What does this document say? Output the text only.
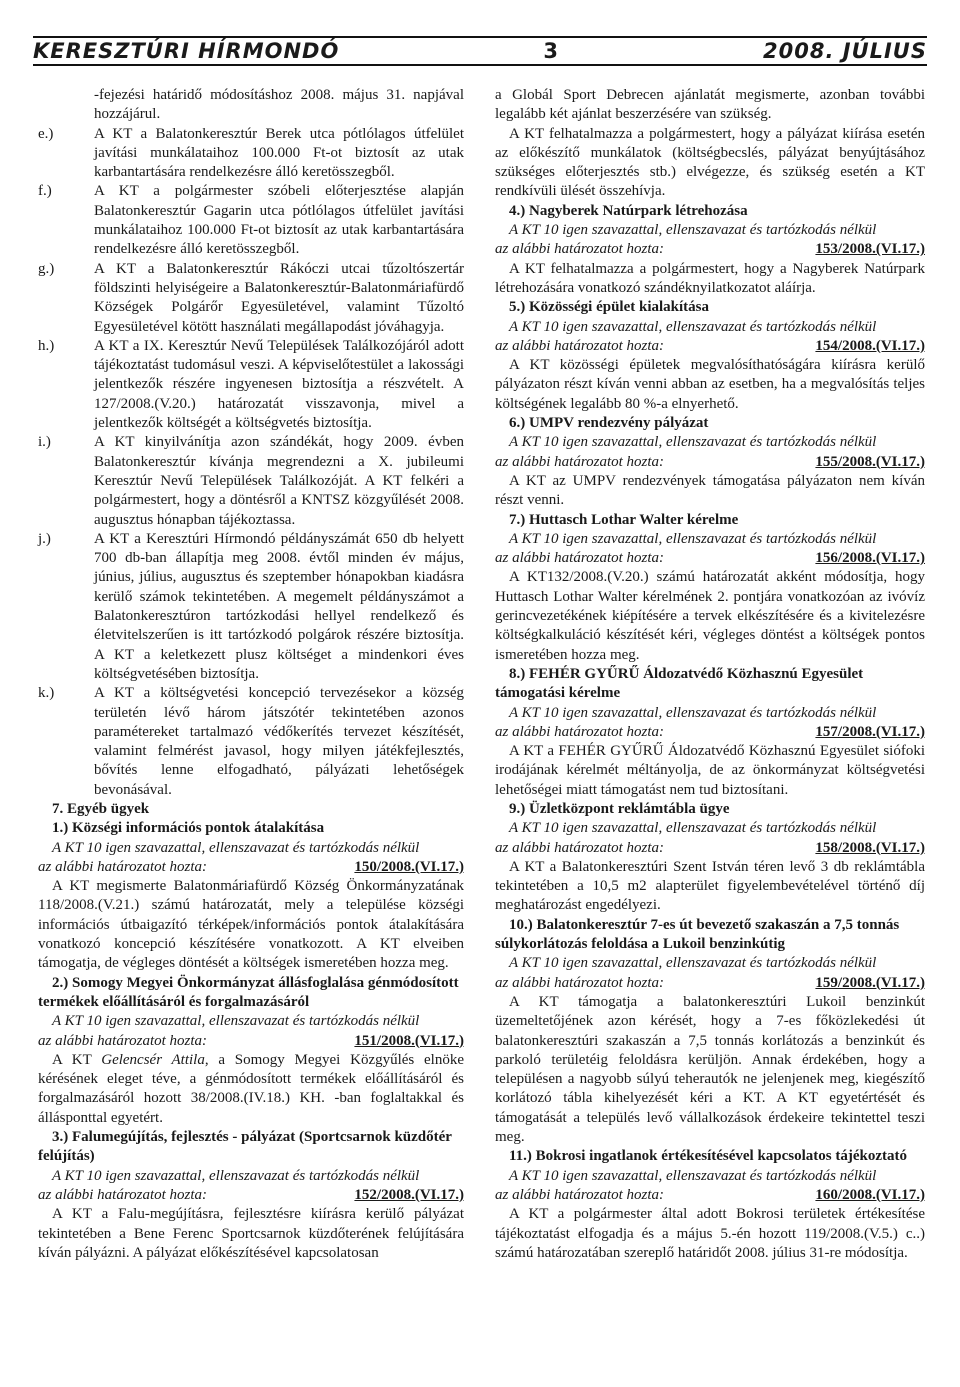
KERESZTÚRI HÍRMONDÓ	3	2008. JÚLIUS
-fejezési határidő módosításhoz 2008. május 31. napjával hozzájárul.
e.)	A KT a Balatonkeresztúr Berek utca pótlólagos útfelület javítási munkálataihoz 100.000 Ft-ot biztosít az utak karbantartására rendelkezésre álló keretösszegből.
f.)	A KT a polgármester szóbeli előterjesztése alapján Balatonkeresztúr Gagarin utca pótlólagos útfelület javítási munkálataihoz 100.000 Ft-ot biztosít az utak karbantartására rendelkezésre álló keretösszegből.
g.)	A KT a Balatonkeresztúr Rákóczi utcai tűzoltószertár földszinti helyiségeire a Balatonkeresztúr-Balatonmáriafürdő Községek Polgárőr Egyesületével, valamint Tűzoltó Egyesületével kötött használati megállapodást jóváhagyja.
h.)	A KT a IX. Keresztúr Nevű Települések Találkozójáról adott tájékoztatást tudomásul veszi. A képviselőtestület a lakossági jelentkezők részére ingyenesen biztosítja a részvételt. A 127/2008.(V.20.) határozatát visszavonja, mivel a jelentkezők költségét a költségvetés biztosítja.
i.)	A KT kinyilvánítja azon szándékát, hogy 2009. évben Balatonkeresztúr kívánja megrendezni a X. jubileumi Keresztúr Nevű Települések Találkozóját. A KT felkéri a polgármestert, hogy a döntésről a KNTSZ közgyűlését 2008. augusztus hónapban tájékoztassa.
j.)	A KT a Keresztúri Hírmondó példányszámát 650 db helyett 700 db-ban állapítja meg 2008. évtől minden év május, június, július, augusztus és szeptember hónapokban kiadásra kerülő számok tekintetében. A megemelt példányszámot a Balatonkeresztúron tartózkodási hellyel rendelkező és életvitelszerűen is itt tartózkodó polgárok részére biztosítja. A KT a keletkezett plusz költséget a mindenkori éves költségvetésében biztosítja.
k.)	A KT a költségvetési koncepció tervezésekor a község területén lévő három játszótér tekintetében azonos paramétereket tartalmazó védőkerítés tervezet készítését, valamint felmérést javasol, hogy milyen játékfejlesztés, bővítés lenne elfogadható, pályázati lehetőségek bevonásával.
7. Egyéb ügyek
1.) Községi információs pontok átalakítása
A KT 10 igen szavazattal, ellenszavazat és tartózkodás nélkül
az alábbi határozatot hozta:	150/2008.(VI.17.)
A KT megismerte Balatonmáriafürdő Község Önkormányzatának 118/2008.(V.21.) számú határozatát, mely a települése községi információs útbaigazító térképek/információs pontok átalakítására vonatkozó koncepció készítésére vonatkozott. A KT elveiben támogatja, de végleges döntését a költségek ismeretében hozza meg.
2.) Somogy Megyei Önkormányzat állásfoglalása génmódosított termékek előállításáról és forgalmazásáról
A KT 10 igen szavazattal, ellenszavazat és tartózkodás nélkül
az alábbi határozatot hozta:	151/2008.(VI.17.)
A KT Gelencsér Attila, a Somogy Megyei Közgyűlés elnöke kérésének eleget téve, a génmódosított termékek előállításáról és forgalmazásáról hozott 38/2008.(IV.18.) KH. -ban foglaltakkal és állásponttal egyetért.
3.) Falumegújítás, fejlesztés - pályázat (Sportcsarnok küzdőtér felújítás)
A KT 10 igen szavazattal, ellenszavazat és tartózkodás nélkül
az alábbi határozatot hozta:	152/2008.(VI.17.)
A KT a Falu-megújításra, fejlesztésre kiírásra kerülő pályázat tekintetében a Bene Ferenc Sportcsarnok küzdőterének felújítására kíván pályázni. A pályázat előkészítésével kapcsolatosan
a Globál Sport Debrecen ajánlatát megismerte, azonban további legalább két ajánlat beszerzésére van szükség.
A KT felhatalmazza a polgármestert, hogy a pályázat kiírása esetén az előkészítő munkálatok (költségbecslés, pályázat benyújtásához szükséges előterjesztés stb.) elvégezze, és szükség esetén a KT rendkívüli ülését összehívja.
4.) Nagyberek Natúrpark létrehozása
A KT 10 igen szavazattal, ellenszavazat és tartózkodás nélkül
az alábbi határozatot hozta:	153/2008.(VI.17.)
A KT felhatalmazza a polgármestert, hogy a Nagyberek Natúrpark létrehozására vonatkozó szándéknyilatkozatot aláírja.
5.) Közösségi épület kialakítása
A KT 10 igen szavazattal, ellenszavazat és tartózkodás nélkül
az alábbi határozatot hozta:	154/2008.(VI.17.)
A KT közösségi épületek megvalósíthatóságára kiírásra kerülő pályázaton részt kíván venni abban az esetben, ha a megvalósítás teljes költségének legalább 80 %-a elnyerhető.
6.) UMPV rendezvény pályázat
A KT 10 igen szavazattal, ellenszavazat és tartózkodás nélkül
az alábbi határozatot hozta:	155/2008.(VI.17.)
A KT az UMPV rendezvények támogatása pályázaton nem kíván részt venni.
7.) Huttasch Lothar Walter kérelme
A KT 10 igen szavazattal, ellenszavazat és tartózkodás nélkül
az alábbi határozatot hozta:	156/2008.(VI.17.)
A KT132/2008.(V.20.) számú határozatát akként módosítja, hogy Huttasch Lothar Walter kérelmének 2. pontjára vonatkozóan az ivóvíz gerincvezetékének kiépítésére a tervek elkészítésére és a kivitelezésre költségkalkuláció készítését kéri, végleges döntést a költségek pontos ismeretében hozza meg.
8.) FEHÉR GYŰRŰ Áldozatvédő Közhasznú Egyesület támogatási kérelme
A KT 10 igen szavazattal, ellenszavazat és tartózkodás nélkül
az alábbi határozatot hozta:	157/2008.(VI.17.)
A KT a FEHÉR GYŰRŰ Áldozatvédő Közhasznú Egyesület siófoki irodájának kérelmét méltányolja, de az önkormányzat költségvetési lehetőségei miatt támogatást nem tud biztosítani.
9.) Üzletközpont reklámtábla ügye
A KT 10 igen szavazattal, ellenszavazat és tartózkodás nélkül
az alábbi határozatot hozta:	158/2008.(VI.17.)
A KT a Balatonkeresztúri Szent István téren levő 3 db reklámtábla tekintetében a 10,5 m2 alapterület figyelembevételével történő díj meghatározást engedélyezi.
10.) Balatonkeresztúr 7-es út bevezető szakaszán a 7,5 tonnás súlykorlátozás feloldása a Lukoil benzinkútig
A KT 10 igen szavazattal, ellenszavazat és tartózkodás nélkül
az alábbi határozatot hozta:	159/2008.(VI.17.)
A KT támogatja a balatonkeresztúri Lukoil benzinkút üzemeltetőjének azon kérését, hogy a 7-es főközlekedési út balatonkeresztúri szakaszán a 7,5 tonnás korlátozás a benzinkút és parkoló területéig feloldásra kerüljön. Annak érdekében, hogy a településen a nagyobb súlyú teherautók ne jelenjenek meg, kiegészítő korlátozó tábla kihelyezését kéri a KT. A KT egyetértését és támogatását a település levő vállalkozások érdekeire tekintettel teszi meg.
11.) Bokrosi ingatlanok értékesítésével kapcsolatos tájékoztató
A KT 10 igen szavazattal, ellenszavazat és tartózkodás nélkül
az alábbi határozatot hozta:	160/2008.(VI.17.)
A KT a polgármester által adott Bokrosi területek értékesítése tájékoztatást elfogadja és a május 5.-én hozott 119/2008.(V.5.) c..) számú határozatában szereplő határidőt 2008. július 31-re módosítja.
